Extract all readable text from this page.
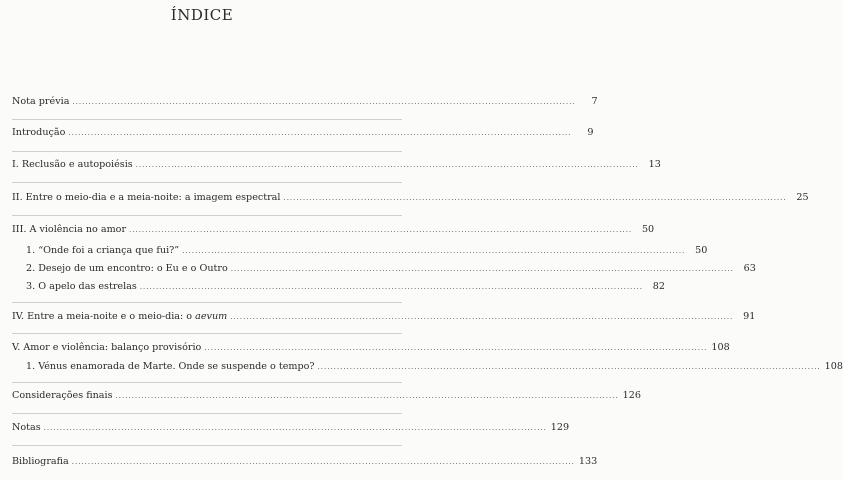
ÍNDICE
Nota prévia ............................................................................................................................................................	7
Introdução ............................................................................................................................................................	9
I. Reclusão e autopoiésis ............................................................................................................................................................	13
II. Entre o meio-dia e a meia-noite: a imagem espectral ............................................................................................................................................................	25
III. A violência no amor ............................................................................................................................................................	50
1. “Onde foi a criança que fui?” ............................................................................................................................................................	50
2. Desejo de um encontro: o Eu e o Outro ............................................................................................................................................................	63
3. O apelo das estrelas ............................................................................................................................................................	82
IV. Entre a meia-noite e o meio-dia: o aevum ............................................................................................................................................................	91
V. Amor e violência: balanço provisório ............................................................................................................................................................ 108
1. Vénus enamorada de Marte. Onde se suspende o tempo? ............................................................................................................................................................ 108
Considerações finais ............................................................................................................................................................ 126
Notas ............................................................................................................................................................ 129
Bibliografia ............................................................................................................................................................ 133
